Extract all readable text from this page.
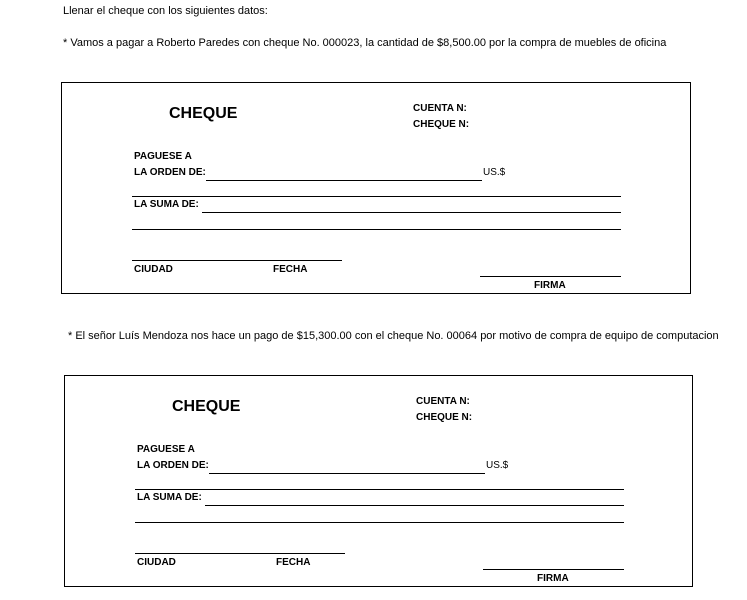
Llenar el cheque con los siguientes datos:
* Vamos a pagar a Roberto Paredes con cheque No. 000023, la cantidad de $8,500.00 por la compra de muebles de oficina
CHEQUE	CUENTA N:
CHEQUE N:
PAGUESE A
LA ORDEN DE:	US.$
LA SUMA DE:
CIUDAD	FECHA
FIRMA
* El señor Luís Mendoza nos hace un pago de $15,300.00 con el cheque No. 00064 por motivo de compra de equipo de computacion
CHEQUE	CUENTA N:
CHEQUE N:
PAGUESE A
LA ORDEN DE:	US.$
LA SUMA DE:
CIUDAD	FECHA
FIRMA
